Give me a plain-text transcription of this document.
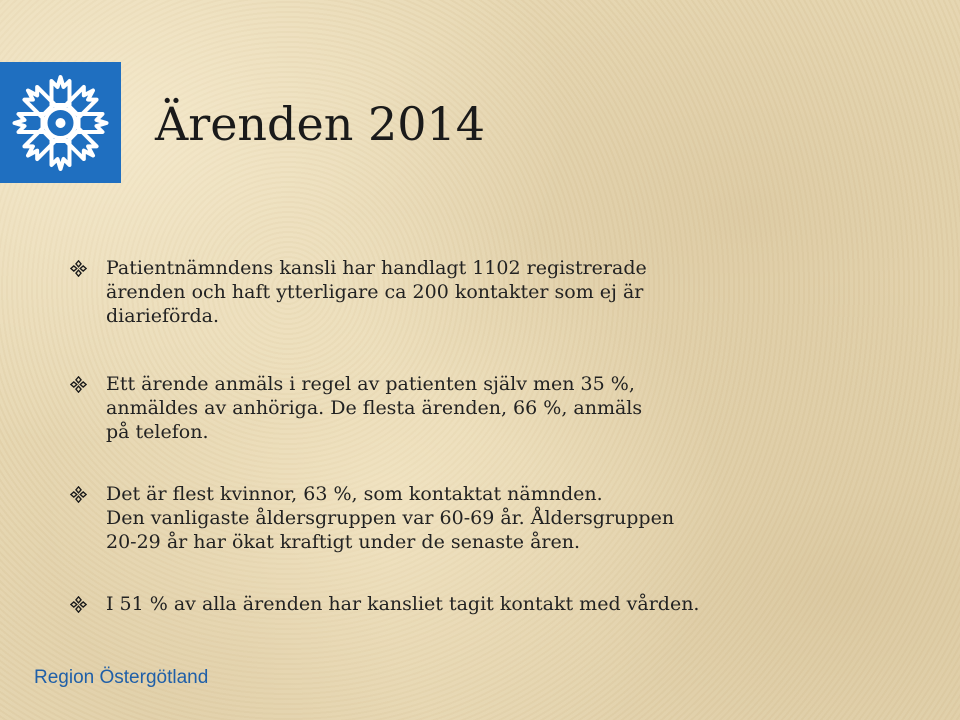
Ärenden 2014
Patientnämndens kansli har handlagt 1102 registrerade
ärenden och haft ytterligare ca 200 kontakter som ej är
diarieförda.
Ett ärende anmäls i regel av patienten själv men 35 %,
anmäldes av anhöriga. De flesta ärenden, 66 %, anmäls
på telefon.
Det är flest kvinnor, 63 %, som kontaktat nämnden.
Den vanligaste åldersgruppen var 60-69 år. Åldersgruppen
20-29 år har ökat kraftigt under de senaste åren.
I 51 % av alla ärenden har kansliet tagit kontakt med vården.
Region Östergötland
